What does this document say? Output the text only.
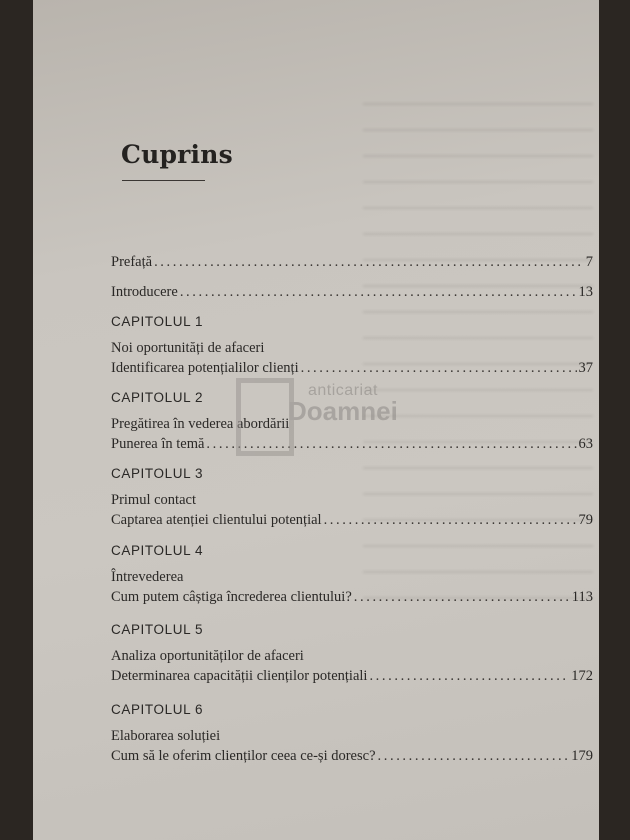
Cuprins
Prefață .....	7
Introducere .....	13
CAPITOLUL 1
Noi oportunități de afaceri
Identificarea potențialilor clienți .....	37
CAPITOLUL 2
Pregătirea în vederea abordării
Punerea în temă .....	63
CAPITOLUL 3
Primul contact
Captarea atenției clientului potențial .....	79
CAPITOLUL 4
Întrevederea
Cum putem câștiga încrederea clientului? .....	113
CAPITOLUL 5
Analiza oportunităților de afaceri
Determinarea capacității clienților potențiali .....	172
CAPITOLUL 6
Elaborarea soluției
Cum să le oferim clienților ceea ce-și doresc? .....	179
anticariat
Doamnei
